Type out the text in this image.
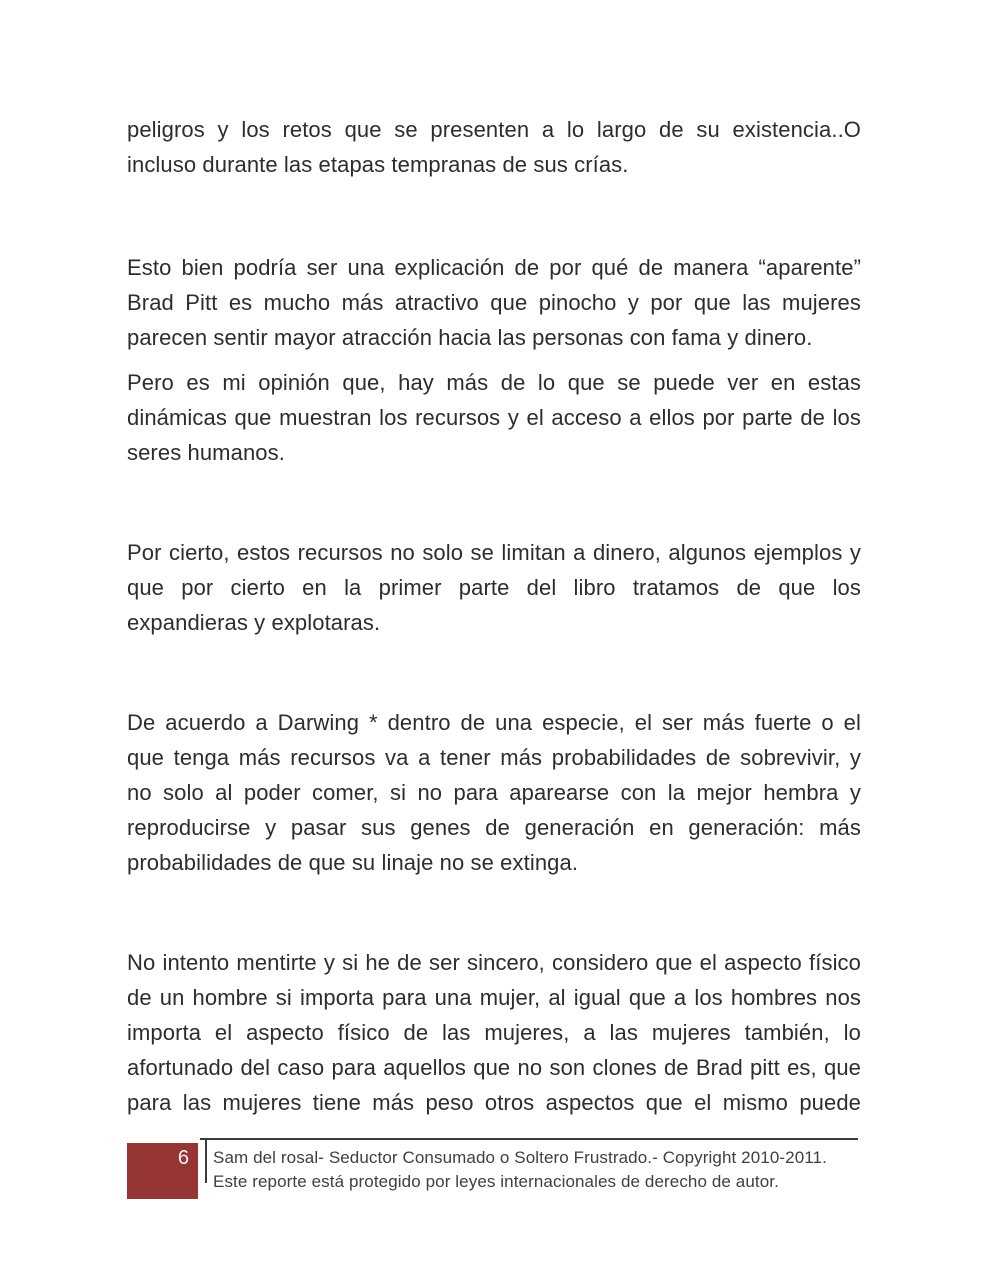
peligros y los retos que se presenten a lo largo de su existencia..O
incluso durante las etapas tempranas de sus crías.
Esto bien podría ser una explicación de por qué de manera “aparente”
Brad Pitt es mucho más atractivo que pinocho y por que las mujeres
parecen sentir mayor atracción hacia las personas con fama y dinero.
Pero es mi opinión que, hay más de lo que se puede ver en estas
dinámicas que muestran los recursos y el acceso a ellos por parte de los
seres humanos.
Por cierto, estos recursos no solo se limitan a dinero, algunos ejemplos y
que por cierto en la primer parte del libro tratamos de que los
expandieras y explotaras.
De acuerdo a Darwing * dentro de una especie, el ser más fuerte o el
que tenga más recursos va a tener más probabilidades de sobrevivir, y
no solo al poder comer, si no para aparearse con la mejor hembra y
reproducirse y pasar sus genes de generación en generación: más
probabilidades de que su linaje no se extinga.
No intento mentirte y si he de ser sincero, considero que el aspecto físico
de un hombre si importa para una mujer, al igual que a los hombres nos
importa el aspecto físico de las mujeres, a las mujeres también, lo
afortunado del caso para aquellos que no son clones de Brad pitt es, que
para las mujeres tiene más peso otros aspectos que el mismo puede
6	Sam del rosal- Seductor Consumado o Soltero Frustrado.- Copyright 2010-2011.
Este reporte está protegido por leyes internacionales de derecho de autor.
